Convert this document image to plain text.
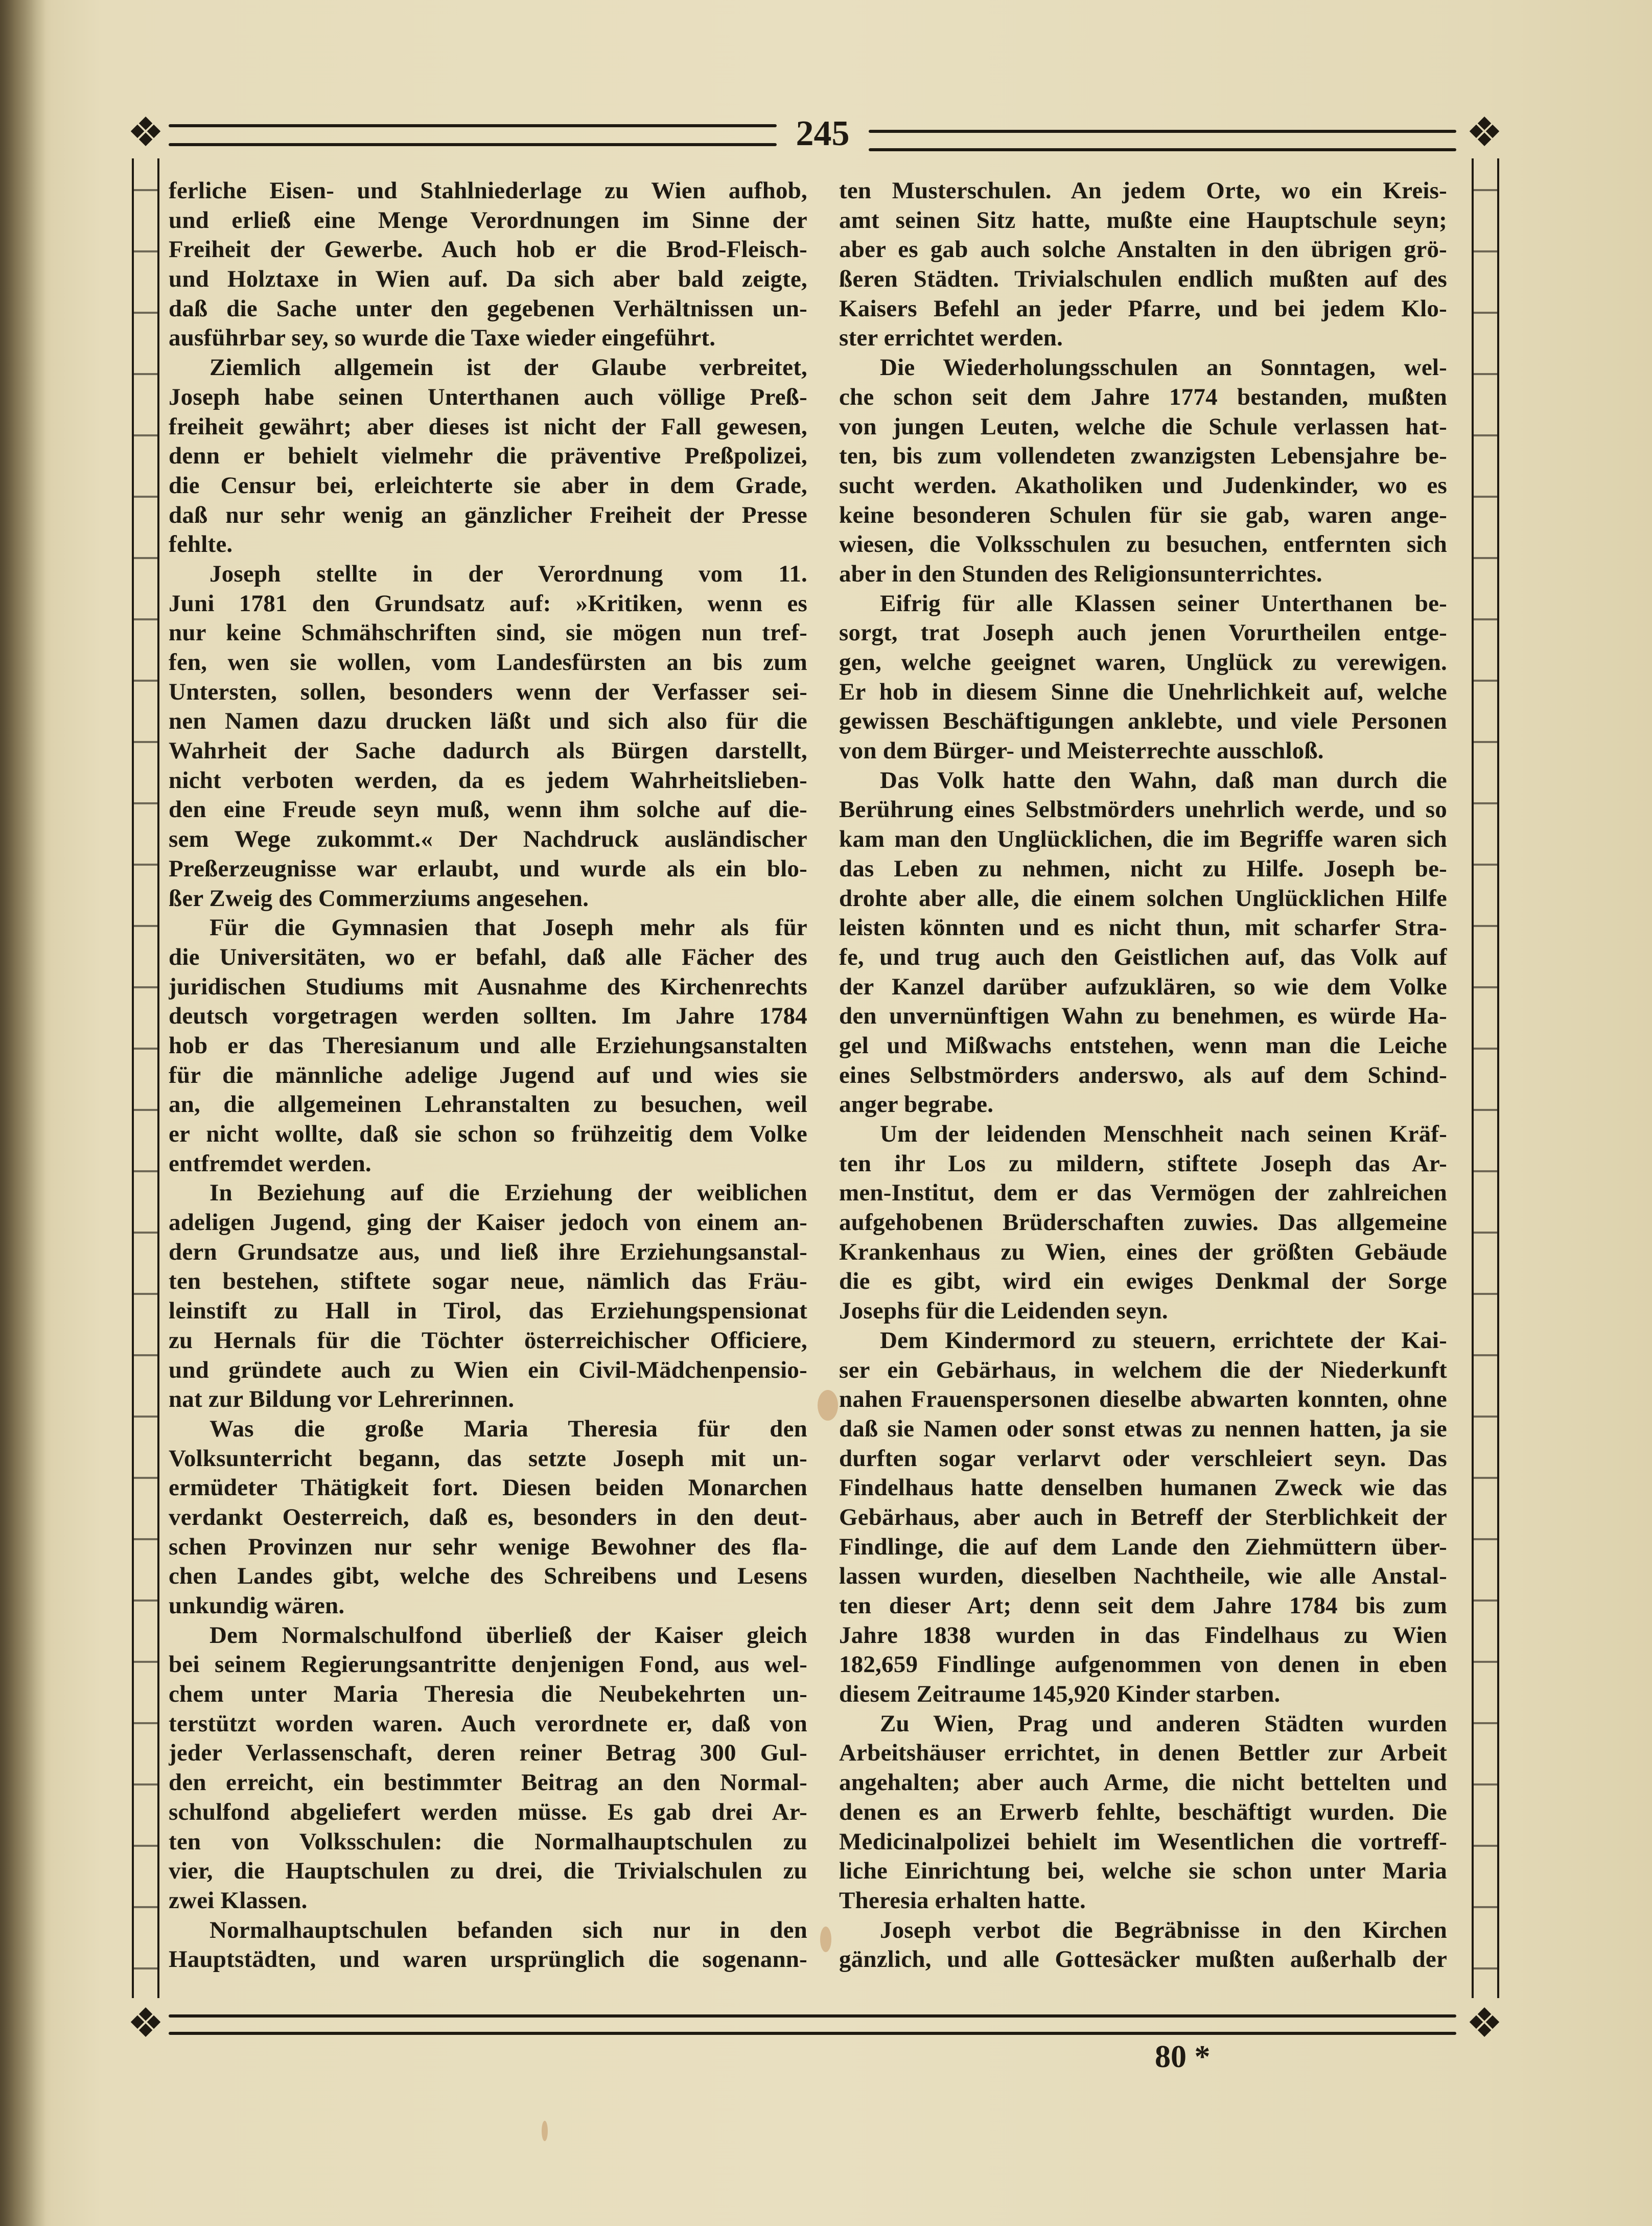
❖	❖
❖	❖
245
80 *
ferliche Eisen- und Stahlniederlage zu Wien aufhob,
und erließ eine Menge Verordnungen im Sinne der
Freiheit der Gewerbe. Auch hob er die Brod-Fleisch-
und Holztaxe in Wien auf. Da sich aber bald zeigte,
daß die Sache unter den gegebenen Verhältnissen un-
ausführbar sey, so wurde die Taxe wieder eingeführt.
Ziemlich allgemein ist der Glaube verbreitet,
Joseph habe seinen Unterthanen auch völlige Preß-
freiheit gewährt; aber dieses ist nicht der Fall gewesen,
denn er behielt vielmehr die präventive Preßpolizei,
die Censur bei, erleichterte sie aber in dem Grade,
daß nur sehr wenig an gänzlicher Freiheit der Presse
fehlte.
Joseph stellte in der Verordnung vom 11.
Juni 1781 den Grundsatz auf: »Kritiken, wenn es
nur keine Schmähschriften sind, sie mögen nun tref-
fen, wen sie wollen, vom Landesfürsten an bis zum
Untersten, sollen, besonders wenn der Verfasser sei-
nen Namen dazu drucken läßt und sich also für die
Wahrheit der Sache dadurch als Bürgen darstellt,
nicht verboten werden, da es jedem Wahrheitslieben-
den eine Freude seyn muß, wenn ihm solche auf die-
sem Wege zukommt.« Der Nachdruck ausländischer
Preßerzeugnisse war erlaubt, und wurde als ein blo-
ßer Zweig des Commerziums angesehen.
Für die Gymnasien that Joseph mehr als für
die Universitäten, wo er befahl, daß alle Fächer des
juridischen Studiums mit Ausnahme des Kirchenrechts
deutsch vorgetragen werden sollten. Im Jahre 1784
hob er das Theresianum und alle Erziehungsanstalten
für die männliche adelige Jugend auf und wies sie
an, die allgemeinen Lehranstalten zu besuchen, weil
er nicht wollte, daß sie schon so frühzeitig dem Volke
entfremdet werden.
In Beziehung auf die Erziehung der weiblichen
adeligen Jugend, ging der Kaiser jedoch von einem an-
dern Grundsatze aus, und ließ ihre Erziehungsanstal-
ten bestehen, stiftete sogar neue, nämlich das Fräu-
leinstift zu Hall in Tirol, das Erziehungspensionat
zu Hernals für die Töchter österreichischer Officiere,
und gründete auch zu Wien ein Civil-Mädchenpensio-
nat zur Bildung vor Lehrerinnen.
Was die große Maria Theresia für den
Volksunterricht begann, das setzte Joseph mit un-
ermüdeter Thätigkeit fort. Diesen beiden Monarchen
verdankt Oesterreich, daß es, besonders in den deut-
schen Provinzen nur sehr wenige Bewohner des fla-
chen Landes gibt, welche des Schreibens und Lesens
unkundig wären.
Dem Normalschulfond überließ der Kaiser gleich
bei seinem Regierungsantritte denjenigen Fond, aus wel-
chem unter Maria Theresia die Neubekehrten un-
terstützt worden waren. Auch verordnete er, daß von
jeder Verlassenschaft, deren reiner Betrag 300 Gul-
den erreicht, ein bestimmter Beitrag an den Normal-
schulfond abgeliefert werden müsse. Es gab drei Ar-
ten von Volksschulen: die Normalhauptschulen zu
vier, die Hauptschulen zu drei, die Trivialschulen zu
zwei Klassen.
Normalhauptschulen befanden sich nur in den
Hauptstädten, und waren ursprünglich die sogenann-
ten Musterschulen. An jedem Orte, wo ein Kreis-
amt seinen Sitz hatte, mußte eine Hauptschule seyn;
aber es gab auch solche Anstalten in den übrigen grö-
ßeren Städten. Trivialschulen endlich mußten auf des
Kaisers Befehl an jeder Pfarre, und bei jedem Klo-
ster errichtet werden.
Die Wiederholungsschulen an Sonntagen, wel-
che schon seit dem Jahre 1774 bestanden, mußten
von jungen Leuten, welche die Schule verlassen hat-
ten, bis zum vollendeten zwanzigsten Lebensjahre be-
sucht werden. Akatholiken und Judenkinder, wo es
keine besonderen Schulen für sie gab, waren ange-
wiesen, die Volksschulen zu besuchen, entfernten sich
aber in den Stunden des Religionsunterrichtes.
Eifrig für alle Klassen seiner Unterthanen be-
sorgt, trat Joseph auch jenen Vorurtheilen entge-
gen, welche geeignet waren, Unglück zu verewigen.
Er hob in diesem Sinne die Unehrlichkeit auf, welche
gewissen Beschäftigungen anklebte, und viele Personen
von dem Bürger- und Meisterrechte ausschloß.
Das Volk hatte den Wahn, daß man durch die
Berührung eines Selbstmörders unehrlich werde, und so
kam man den Unglücklichen, die im Begriffe waren sich
das Leben zu nehmen, nicht zu Hilfe. Joseph be-
drohte aber alle, die einem solchen Unglücklichen Hilfe
leisten könnten und es nicht thun, mit scharfer Stra-
fe, und trug auch den Geistlichen auf, das Volk auf
der Kanzel darüber aufzuklären, so wie dem Volke
den unvernünftigen Wahn zu benehmen, es würde Ha-
gel und Mißwachs entstehen, wenn man die Leiche
eines Selbstmörders anderswo, als auf dem Schind-
anger begrabe.
Um der leidenden Menschheit nach seinen Kräf-
ten ihr Los zu mildern, stiftete Joseph das Ar-
men-Institut, dem er das Vermögen der zahlreichen
aufgehobenen Brüderschaften zuwies. Das allgemeine
Krankenhaus zu Wien, eines der größten Gebäude
die es gibt, wird ein ewiges Denkmal der Sorge
Josephs für die Leidenden seyn.
Dem Kindermord zu steuern, errichtete der Kai-
ser ein Gebärhaus, in welchem die der Niederkunft
nahen Frauenspersonen dieselbe abwarten konnten, ohne
daß sie Namen oder sonst etwas zu nennen hatten, ja sie
durften sogar verlarvt oder verschleiert seyn. Das
Findelhaus hatte denselben humanen Zweck wie das
Gebärhaus, aber auch in Betreff der Sterblichkeit der
Findlinge, die auf dem Lande den Ziehmüttern über-
lassen wurden, dieselben Nachtheile, wie alle Anstal-
ten dieser Art; denn seit dem Jahre 1784 bis zum
Jahre 1838 wurden in das Findelhaus zu Wien
182,659 Findlinge aufgenommen von denen in eben
diesem Zeitraume 145,920 Kinder starben.
Zu Wien, Prag und anderen Städten wurden
Arbeitshäuser errichtet, in denen Bettler zur Arbeit
angehalten; aber auch Arme, die nicht bettelten und
denen es an Erwerb fehlte, beschäftigt wurden. Die
Medicinalpolizei behielt im Wesentlichen die vortreff-
liche Einrichtung bei, welche sie schon unter Maria
Theresia erhalten hatte.
Joseph verbot die Begräbnisse in den Kirchen
gänzlich, und alle Gottesäcker mußten außerhalb der
